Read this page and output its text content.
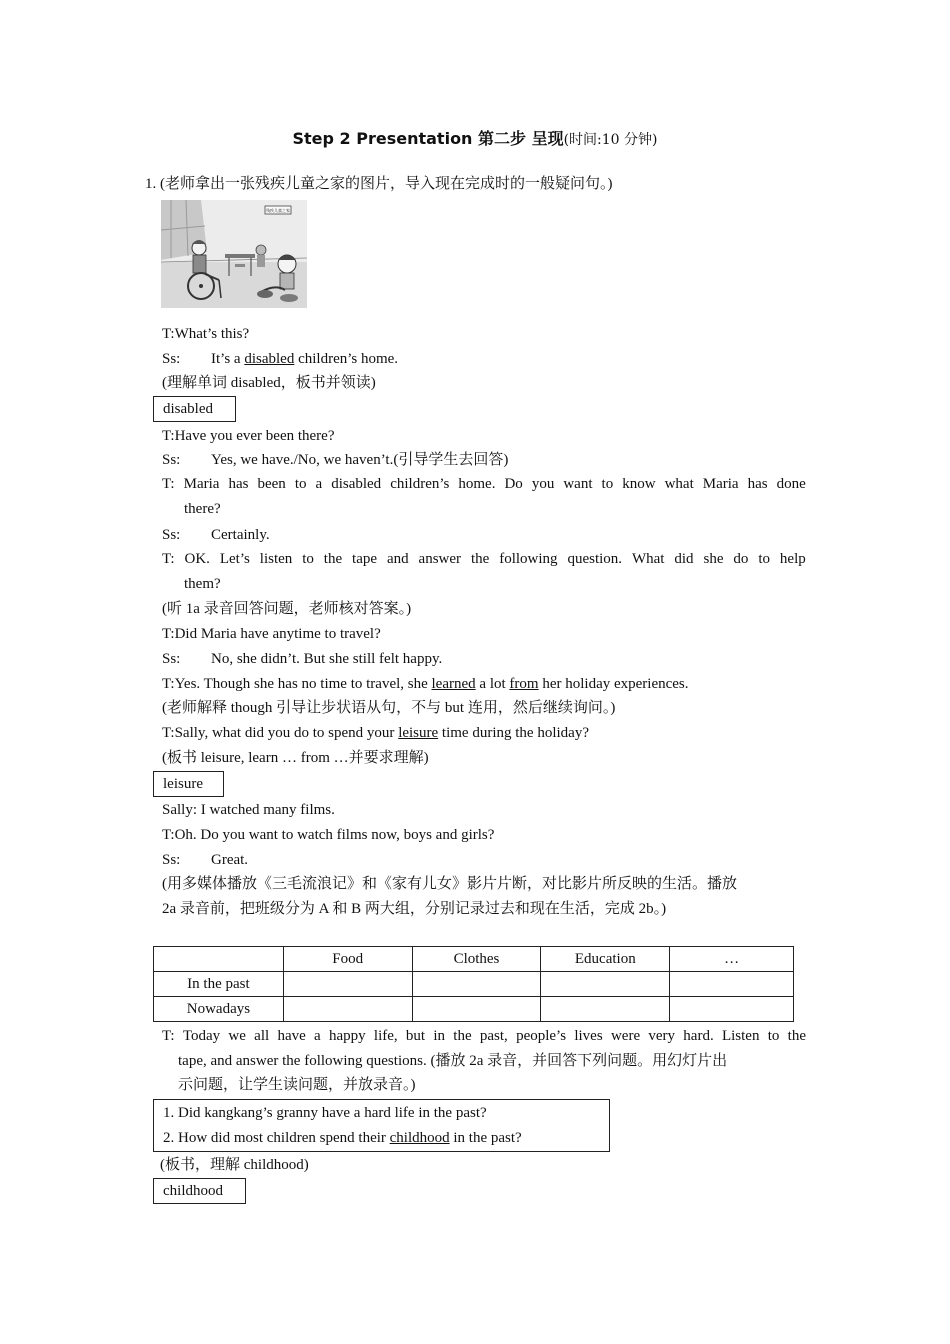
Step 2 Presentation 第二步 呈现(时间:10 分钟)
1. (老师拿出一张残疾儿童之家的图片，导入现在完成时的一般疑问句。)
残疾儿童之家
T:What’s this?
Ss: It’s a disabled children’s home.
(理解单词 disabled，板书并领读)
disabled
T:Have you ever been there?
Ss: Yes, we have./No, we haven’t.(引导学生去回答)
T: Maria has been to a disabled children’s home. Do you want to know what Maria has done
there?
Ss: Certainly.
T: OK. Let’s listen to the tape and answer the following question. What did she do to help
them?
(听 1a 录音回答问题，老师核对答案。)
T:Did Maria have anytime to travel?
Ss: No, she didn’t. But she still felt happy.
T:Yes. Though she has no time to travel, she learned a lot from her holiday experiences.
(老师解释 though 引导让步状语从句，不与 but 连用，然后继续询问。)
T:Sally, what did you do to spend your leisure time during the holiday?
(板书 leisure, learn … from …并要求理解)
leisure
Sally: I watched many films.
T:Oh. Do you want to watch films now, boys and girls?
Ss: Great.
(用多媒体播放《三毛流浪记》和《家有儿女》影片片断，对比影片所反映的生活。播放
2a 录音前，把班级分为 A 和 B 两大组，分别记录过去和现在生活，完成 2b。)
	Food	Clothes	Education	…
In the past				
Nowadays				
T: Today we all have a happy life, but in the past, people’s lives were very hard. Listen to the
tape, and answer the following questions. (播放 2a 录音，并回答下列问题。用幻灯片出
示问题，让学生读问题，并放录音。)
1. Did kangkang’s granny have a hard life in the past?
2. How did most children spend their childhood in the past?
(板书，理解 childhood)
childhood
